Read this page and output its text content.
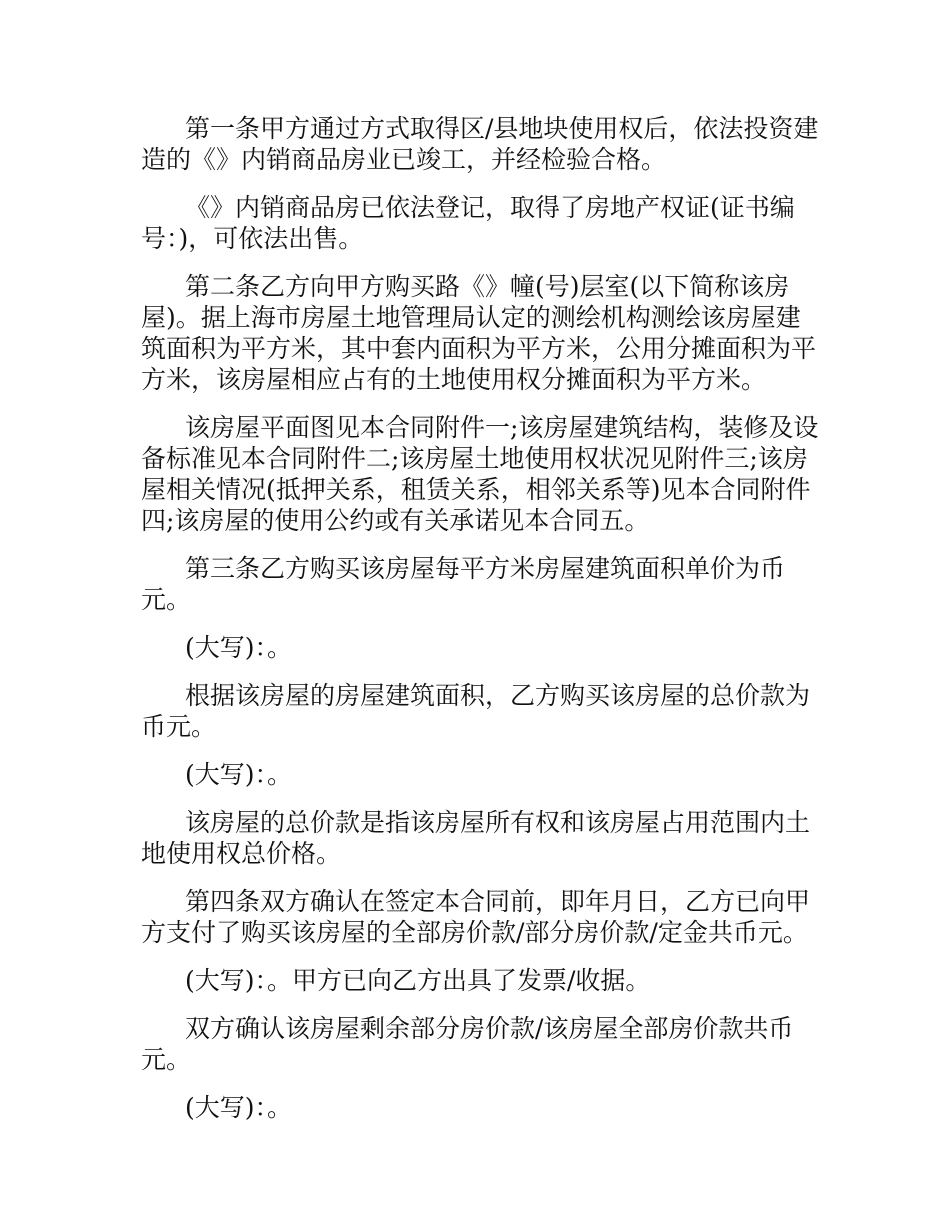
第一条甲方通过方式取得区/县地块使用权后，依法投资建造的《》内销商品房业已竣工，并经检验合格。

《》内销商品房已依法登记，取得了房地产权证(证书编号：)，可依法出售。

第二条乙方向甲方购买路《》幢(号)层室(以下简称该房屋)。据上海市房屋土地管理局认定的测绘机构测绘该房屋建筑面积为平方米，其中套内面积为平方米，公用分摊面积为平方米，该房屋相应占有的土地使用权分摊面积为平方米。

该房屋平面图见本合同附件一;该房屋建筑结构，装修及设备标准见本合同附件二;该房屋土地使用权状况见附件三;该房屋相关情况(抵押关系，租赁关系，相邻关系等)见本合同附件四;该房屋的使用公约或有关承诺见本合同五。

第三条乙方购买该房屋每平方米房屋建筑面积单价为币元。

(大写)：。

根据该房屋的房屋建筑面积，乙方购买该房屋的总价款为币元。

(大写)：。

该房屋的总价款是指该房屋所有权和该房屋占用范围内土地使用权总价格。

第四条双方确认在签定本合同前，即年月日，乙方已向甲方支付了购买该房屋的全部房价款/部分房价款/定金共币元。

(大写)：。甲方已向乙方出具了发票/收据。

双方确认该房屋剩余部分房价款/该房屋全部房价款共币元。

(大写)：。
